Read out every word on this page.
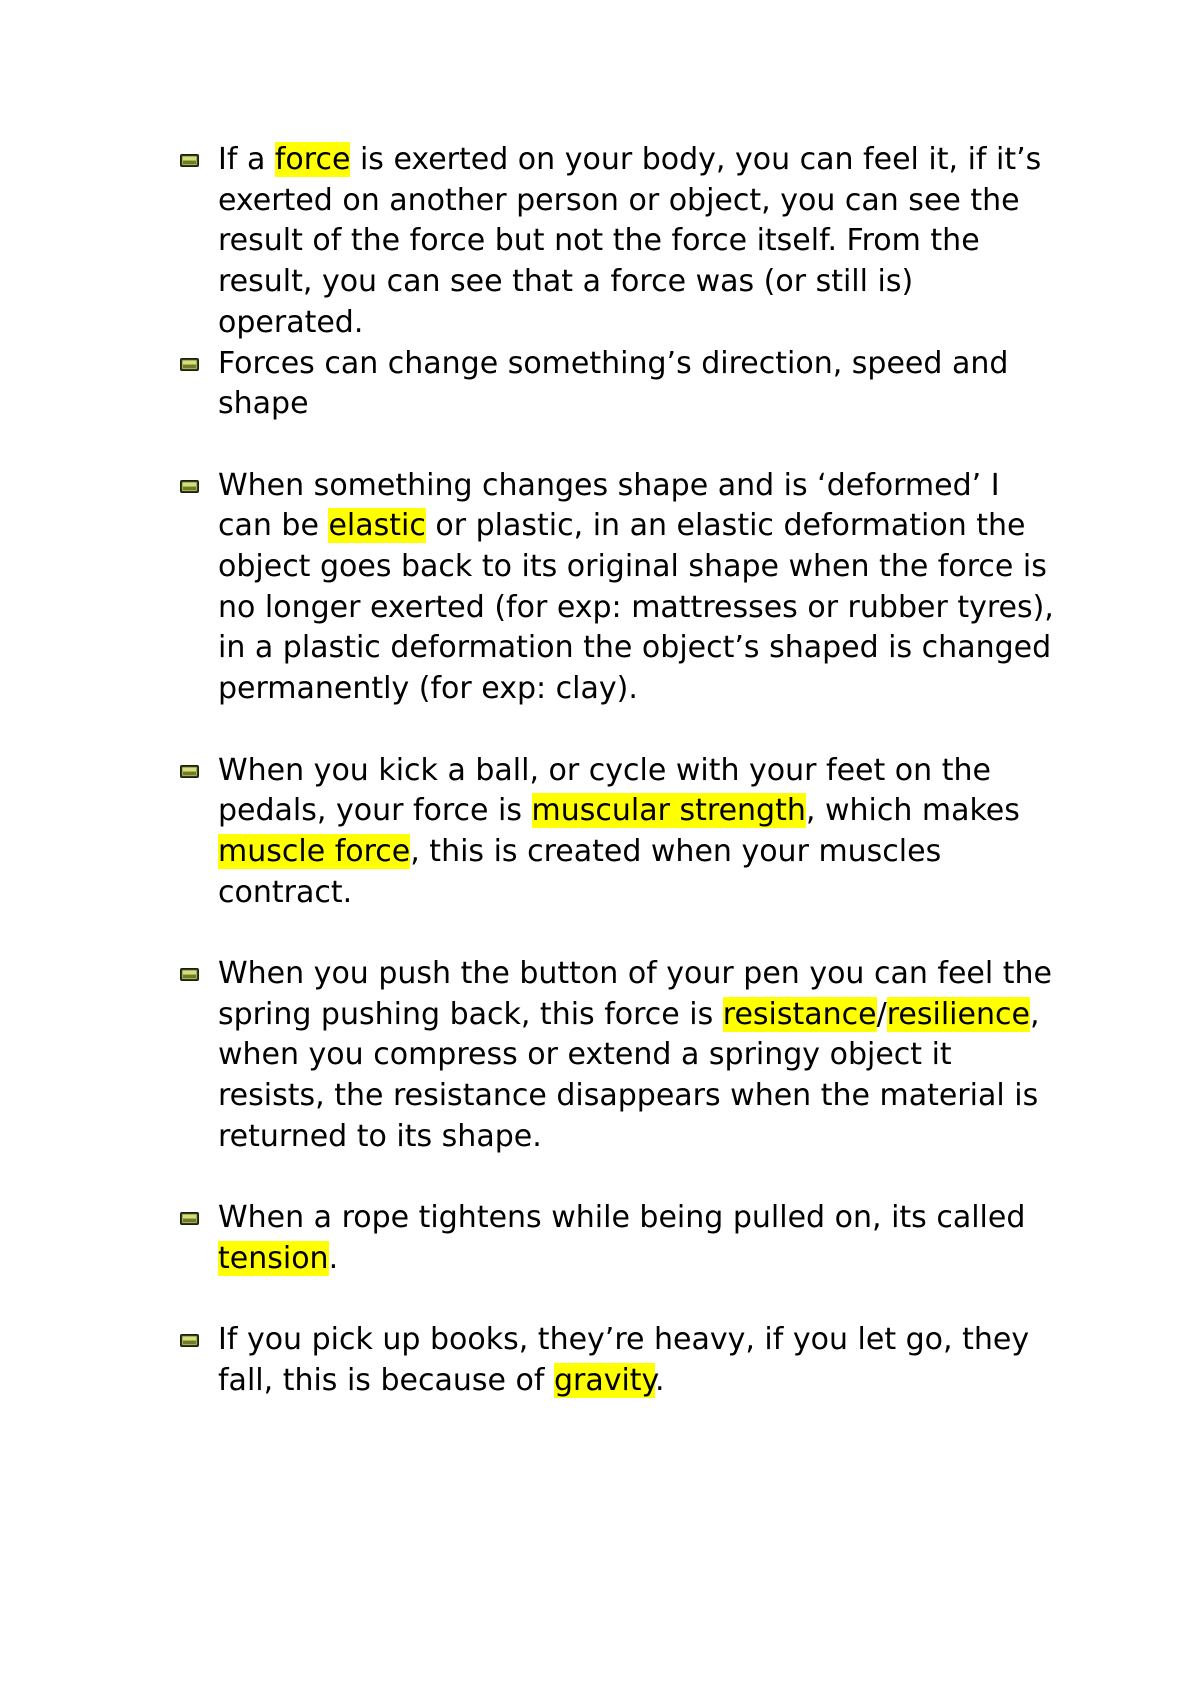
If a force is exerted on your body, you can feel it, if it’s exerted on another person or object, you can see the result of the force but not the force itself. From the result, you can see that a force was (or still is) operated.
Forces can change something’s direction, speed and shape
When something changes shape and is ‘deformed’ I can be elastic or plastic, in an elastic deformation the object goes back to its original shape when the force is no longer exerted (for exp: mattresses or rubber tyres), in a plastic deformation the object’s shaped is changed permanently (for exp: clay).
When you kick a ball, or cycle with your feet on the pedals, your force is muscular strength, which makes muscle force, this is created when your muscles contract.
When you push the button of your pen you can feel the spring pushing back, this force is resistance/resilience, when you compress or extend a springy object it resists, the resistance disappears when the material is returned to its shape.
When a rope tightens while being pulled on, its called tension.
If you pick up books, they’re heavy, if you let go, they fall, this is because of gravity.
